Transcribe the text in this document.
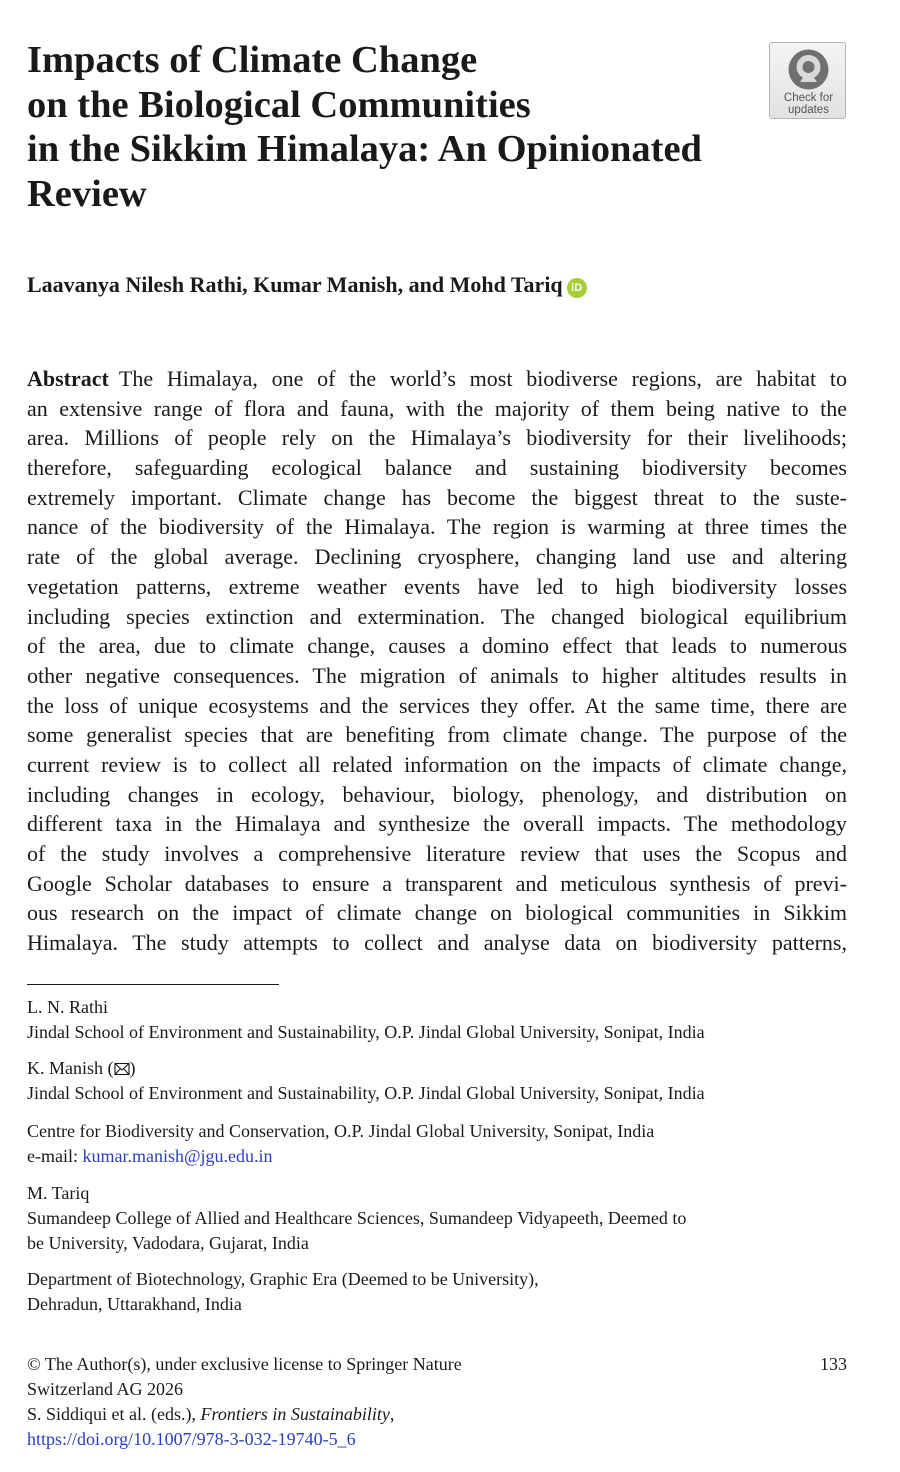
Impacts of Climate Change
on the Biological Communities
in the Sikkim Himalaya: An Opinionated
Review
Check for
updates

Laavanya Nilesh Rathi, Kumar Manish, and Mohd Tariq iD

Abstract The Himalaya, one of the world’s most biodiverse regions, are habitat to
an extensive range of flora and fauna, with the majority of them being native to the
area. Millions of people rely on the Himalaya’s biodiversity for their livelihoods;
therefore, safeguarding ecological balance and sustaining biodiversity becomes
extremely important. Climate change has become the biggest threat to the suste-
nance of the biodiversity of the Himalaya. The region is warming at three times the
rate of the global average. Declining cryosphere, changing land use and altering
vegetation patterns, extreme weather events have led to high biodiversity losses
including species extinction and extermination. The changed biological equilibrium
of the area, due to climate change, causes a domino effect that leads to numerous
other negative consequences. The migration of animals to higher altitudes results in
the loss of unique ecosystems and the services they offer. At the same time, there are
some generalist species that are benefiting from climate change. The purpose of the
current review is to collect all related information on the impacts of climate change,
including changes in ecology, behaviour, biology, phenology, and distribution on
different taxa in the Himalaya and synthesize the overall impacts. The methodology
of the study involves a comprehensive literature review that uses the Scopus and
Google Scholar databases to ensure a transparent and meticulous synthesis of previ-
ous research on the impact of climate change on biological communities in Sikkim
Himalaya. The study attempts to collect and analyse data on biodiversity patterns,
L. N. Rathi
Jindal School of Environment and Sustainability, O.P. Jindal Global University, Sonipat, India
K. Manish ( )
Jindal School of Environment and Sustainability, O.P. Jindal Global University, Sonipat, India
Centre for Biodiversity and Conservation, O.P. Jindal Global University, Sonipat, India
e-mail: kumar.manish@jgu.edu.in
M. Tariq
Sumandeep College of Allied and Healthcare Sciences, Sumandeep Vidyapeeth, Deemed to
be University, Vadodara, Gujarat, India
Department of Biotechnology, Graphic Era (Deemed to be University),
Dehradun, Uttarakhand, India
© The Author(s), under exclusive license to Springer Nature
Switzerland AG 2026
S. Siddiqui et al. (eds.), Frontiers in Sustainability,
https://doi.org/10.1007/978-3-032-19740-5_6
133
